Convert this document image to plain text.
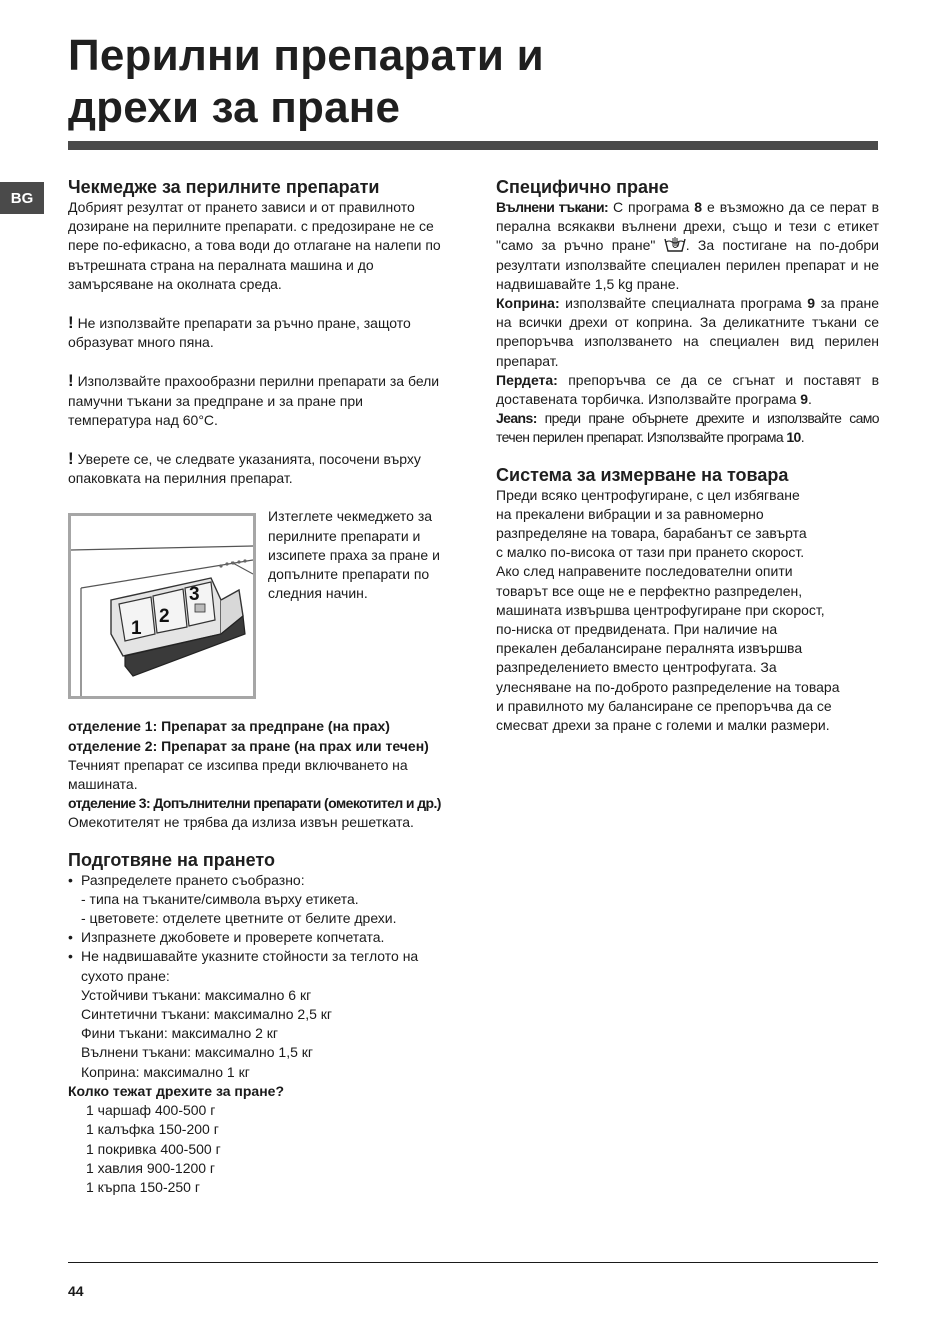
Перилни препарати и
дрехи за пране
BG
Чекмедже за перилните препарати

Добрият резултат от прането зависи и от правилното дозиране на перилните препарати. с предозиране не се пере по-ефикасно, а това води до отлагане на налепи по вътрешната страна на пералната машина и до замърсяване на околната среда.

! Не използвайте препарати за ръчно пране, защото образуват много пяна.

! Използвайте прахообразни перилни препарати за бели памучни тъкани за предпране и за пране при температура над 60°C.

! Уверете се, че следвате указанията, посочени върху опаковката на перилния препарат.

1
2
3

Изтеглете чекмеджето за перилните препарати и изсипете праха за пране и допълните препарати по следния начин.

отделение 1: Препарат за предпране (на прах)

отделение 2: Препарат за пране (на прах или течен)

Течният препарат се изсипва преди включването на машината.

отделение 3: Допълнителни препарати (омекотител и др.)

Омекотителят не трябва да излиза извън решетката.

Подготвяне на прането
• Разпределете прането съобразно:
- типа на тъканите/символа върху етикета.
- цветовете: отделете цветните от белите дрехи.
• Изпразнете джобовете и проверете копчетата.
• Не надвишавайте указните стойности за теглото на сухото пране:
Устойчиви тъкани: максимално 6 кг
Синтетични тъкани: максимално 2,5 кг
Фини тъкани: максимално 2 кг
Вълнени тъкани: максимално 1,5 кг
Коприна: максимално 1 кг

Колко тежат дрехите за пране?

1 чаршаф 400-500 г

1 калъфка 150-200 г

1 покривка 400-500 г

1 хавлия 900-1200 г

1 кърпа 150-250 г

Специфично пране

Вълнени тъкани: С програма 8 е възможно да се перат в перална всякакви вълнени дрехи, също и тези с етикет "само за ръчно пране" . За постигане на по-добри резултати използвайте специален перилен препарат и не надвишавайте 1,5 kg пране.

Коприна: използвайте специалната програма 9 за пране на всички дрехи от коприна. За деликатните тъкани се препоръчва използването на специален вид перилен препарат.

Пердета: препоръчва се да се сгънат и поставят в доставената торбичка. Използвайте програма 9.

Jeans: преди пране обърнете дрехите и използвайте само течен перилен препарат. Използвайте програма 10.

Система за измерване на товара

Преди всяко центрофугиране, с цел избягване

на прекалени вибрации и за равномерно

разпределяне на товара, барабанът се завърта

с малко по-висока от тази при прането скорост.

Ако след направените последователни опити

товарът все още не е перфектно разпределен,

машината извършва центрофугиране при скорост,

по-ниска от предвидената. При наличие на

прекален дебалансиране пералнята извършва

разпределението вместо центрофугата. За

улесняване на по-доброто разпределение на товара

и правилното му балансиране се препоръчва да се

смесват дрехи за пране с големи и малки размери.

44
